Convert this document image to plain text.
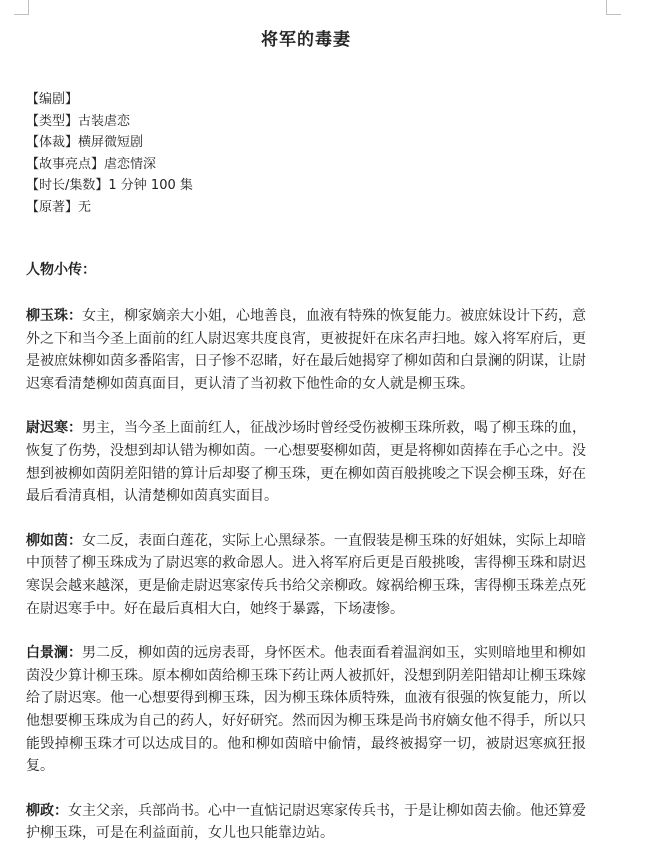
将军的毒妻
【编剧】
【类型】古装虐恋
【体裁】横屏微短剧
【故事亮点】虐恋情深
【时长/集数】1 分钟 100 集
【原著】无
人物小传：
柳玉珠：女主，柳家嫡亲大小姐，心地善良，血液有特殊的恢复能力。被庶妹设计下药，意外之下和当今圣上面前的红人尉迟寒共度良宵，更被捉奸在床名声扫地。嫁入将军府后，更是被庶妹柳如茵多番陷害，日子惨不忍睹，好在最后她揭穿了柳如茵和白景澜的阴谋，让尉迟寒看清楚柳如茵真面目，更认清了当初救下他性命的女人就是柳玉珠。
尉迟寒：男主，当今圣上面前红人，征战沙场时曾经受伤被柳玉珠所救，喝了柳玉珠的血，恢复了伤势，没想到却认错为柳如茵。一心想要娶柳如茵，更是将柳如茵捧在手心之中。没想到被柳如茵阴差阳错的算计后却娶了柳玉珠，更在柳如茵百般挑唆之下误会柳玉珠，好在最后看清真相，认清楚柳如茵真实面目。
柳如茵：女二反，表面白莲花，实际上心黑绿茶。一直假装是柳玉珠的好姐妹，实际上却暗中顶替了柳玉珠成为了尉迟寒的救命恩人。进入将军府后更是百般挑唆，害得柳玉珠和尉迟寒误会越来越深，更是偷走尉迟寒家传兵书给父亲柳政。嫁祸给柳玉珠，害得柳玉珠差点死在尉迟寒手中。好在最后真相大白，她终于暴露，下场凄惨。
白景澜：男二反，柳如茵的远房表哥，身怀医术。他表面看着温润如玉，实则暗地里和柳如茵没少算计柳玉珠。原本柳如茵给柳玉珠下药让两人被抓奸，没想到阴差阳错却让柳玉珠嫁给了尉迟寒。他一心想要得到柳玉珠，因为柳玉珠体质特殊，血液有很强的恢复能力，所以他想要柳玉珠成为自己的药人，好好研究。然而因为柳玉珠是尚书府嫡女他不得手，所以只能毁掉柳玉珠才可以达成目的。他和柳如茵暗中偷情，最终被揭穿一切，被尉迟寒疯狂报复。
柳政：女主父亲，兵部尚书。心中一直惦记尉迟寒家传兵书，于是让柳如茵去偷。他还算爱护柳玉珠，可是在利益面前，女儿也只能靠边站。
